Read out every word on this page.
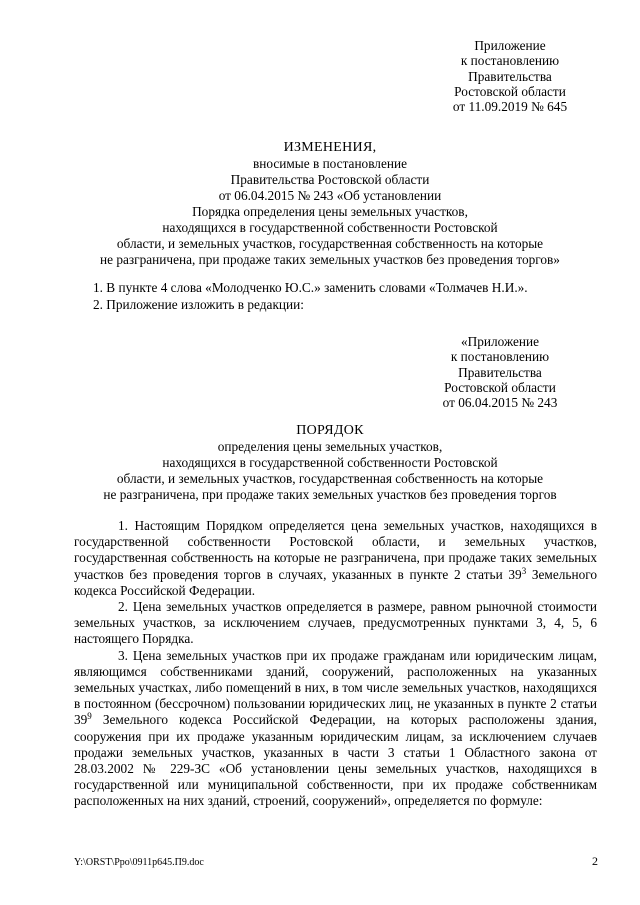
Приложение
к постановлению
Правительства
Ростовской области
от 11.09.2019 № 645
ИЗМЕНЕНИЯ,
вносимые в постановление
Правительства Ростовской области
от 06.04.2015 № 243 «Об установлении
Порядка определения цены земельных участков,
находящихся в государственной собственности Ростовской
области, и земельных участков, государственная собственность на которые
не разграничена, при продаже таких земельных участков без проведения торгов»
1. В пункте 4 слова «Молодченко Ю.С.» заменить словами «Толмачев Н.И.».
2. Приложение изложить в редакции:
«Приложение
к постановлению
Правительства
Ростовской области
от 06.04.2015 № 243
ПОРЯДОК
определения цены земельных участков,
находящихся в государственной собственности Ростовской
области, и земельных участков, государственная собственность на которые
не разграничена, при продаже таких земельных участков без проведения торгов

1. Настоящим Порядком определяется цена земельных участков, находящихся в государственной собственности Ростовской области, и земельных участков, государственная собственность на которые не разграничена, при продаже таких земельных участков без проведения торгов в случаях, указанных в пункте 2 статьи $39^3$ Земельного кодекса Российской Федерации.

2. Цена земельных участков определяется в размере, равном рыночной стоимости земельных участков, за исключением случаев, предусмотренных пунктами 3, 4, 5, 6 настоящего Порядка.

3. Цена земельных участков при их продаже гражданам или юридическим лицам, являющимся собственниками зданий, сооружений, расположенных на указанных земельных участках, либо помещений в них, в том числе земельных участков, находящихся в постоянном (бессрочном) пользовании юридических лиц, не указанных в пункте 2 статьи $39^9$ Земельного кодекса Российской Федерации, на которых расположены здания, сооружения при их продаже указанным юридическим лицам, за исключением случаев продажи земельных участков, указанных в части 3 статьи 1 Областного закона от 28.03.2002 № 229-ЗС «Об установлении цены земельных участков, находящихся в государственной или муниципальной собственности, при их продаже собственникам расположенных на них зданий, строений, сооружений», определяется по формуле:

Y:\ORST\Ppo\0911p645.П9.doc	2
